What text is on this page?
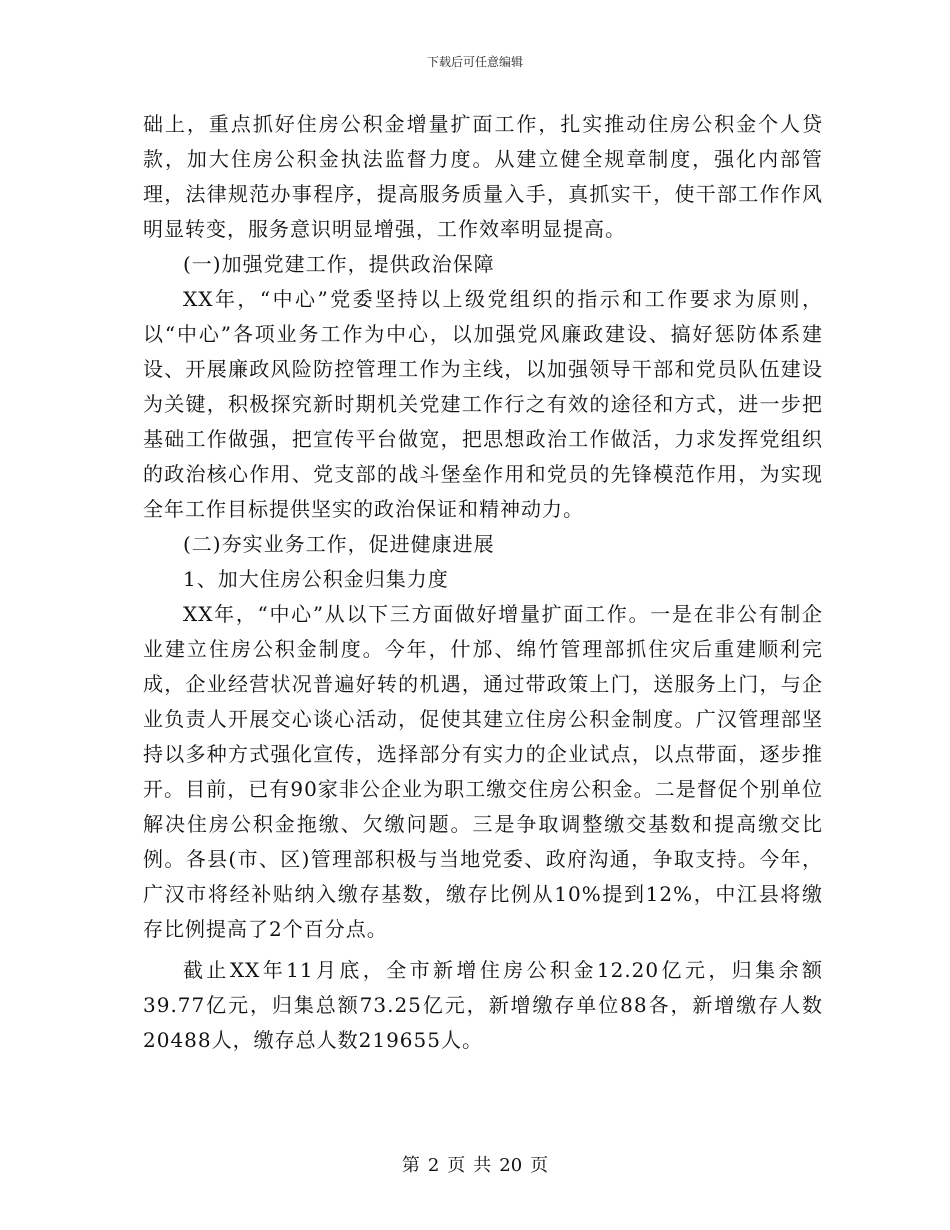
下载后可任意编辑

础上，重点抓好住房公积金增量扩面工作，扎实推动住房公积金个人贷款，加大住房公积金执法监督力度。从建立健全规章制度，强化内部管理，法律规范办事程序，提高服务质量入手，真抓实干，使干部工作作风明显转变，服务意识明显增强，工作效率明显提高。

(一)加强党建工作，提供政治保障

XX年，“中心”党委坚持以上级党组织的指示和工作要求为原则，以“中心”各项业务工作为中心，以加强党风廉政建设、搞好惩防体系建设、开展廉政风险防控管理工作为主线，以加强领导干部和党员队伍建设为关键，积极探究新时期机关党建工作行之有效的途径和方式，进一步把基础工作做强，把宣传平台做宽，把思想政治工作做活，力求发挥党组织的政治核心作用、党支部的战斗堡垒作用和党员的先锋模范作用，为实现全年工作目标提供坚实的政治保证和精神动力。

(二)夯实业务工作，促进健康进展

1、加大住房公积金归集力度

XX年，“中心”从以下三方面做好增量扩面工作。一是在非公有制企业建立住房公积金制度。今年，什邡、绵竹管理部抓住灾后重建顺利完成，企业经营状况普遍好转的机遇，通过带政策上门，送服务上门，与企业负责人开展交心谈心活动，促使其建立住房公积金制度。广汉管理部坚持以多种方式强化宣传，选择部分有实力的企业试点，以点带面，逐步推开。目前，已有90家非公企业为职工缴交住房公积金。二是督促个别单位解决住房公积金拖缴、欠缴问题。三是争取调整缴交基数和提高缴交比例。各县(市、区)管理部积极与当地党委、政府沟通，争取支持。今年，广汉市将经补贴纳入缴存基数，缴存比例从10%提到12%，中江县将缴存比例提高了2个百分点。

截止XX年11月底，全市新增住房公积金12.20亿元，归集余额39.77亿元，归集总额73.25亿元，新增缴存单位88各，新增缴存人数20488人，缴存总人数219655人。

第 2 页 共 20 页
